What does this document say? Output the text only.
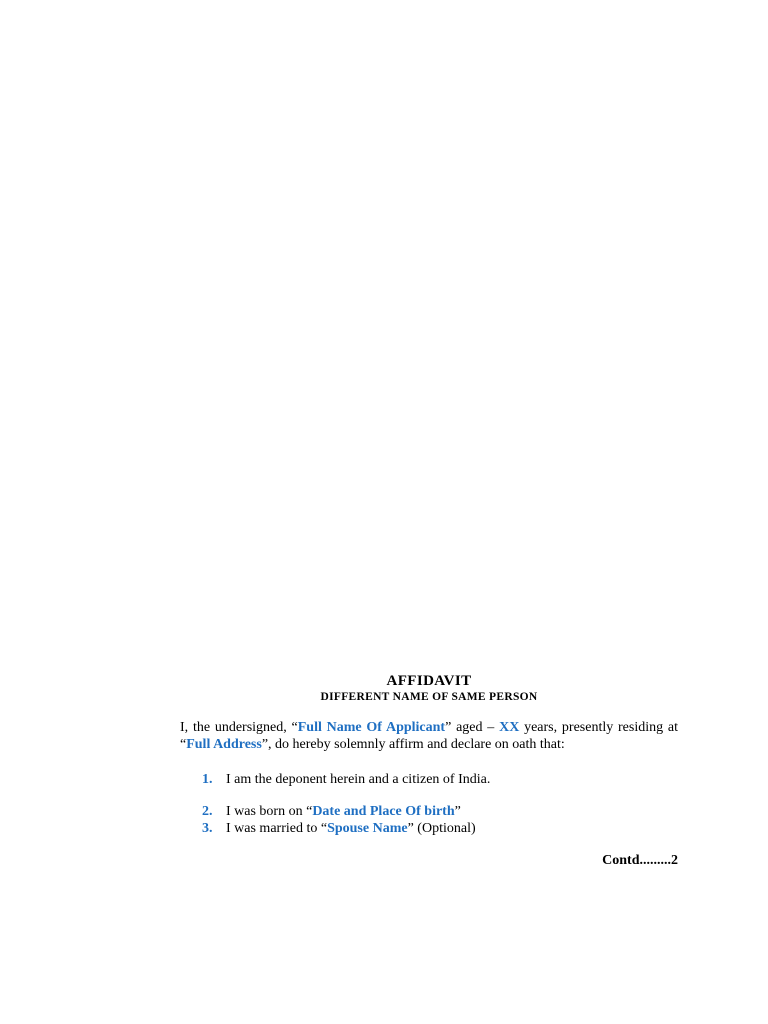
AFFIDAVIT
DIFFERENT NAME OF SAME PERSON
I, the undersigned, “Full Name Of Applicant” aged – XX years, presently residing at “Full Address”, do hereby solemnly affirm and declare on oath that:
1. I am the deponent herein and a citizen of India.
2. I was born on “Date and Place Of birth”
3. I was married to “Spouse Name” (Optional)
Contd.........2
